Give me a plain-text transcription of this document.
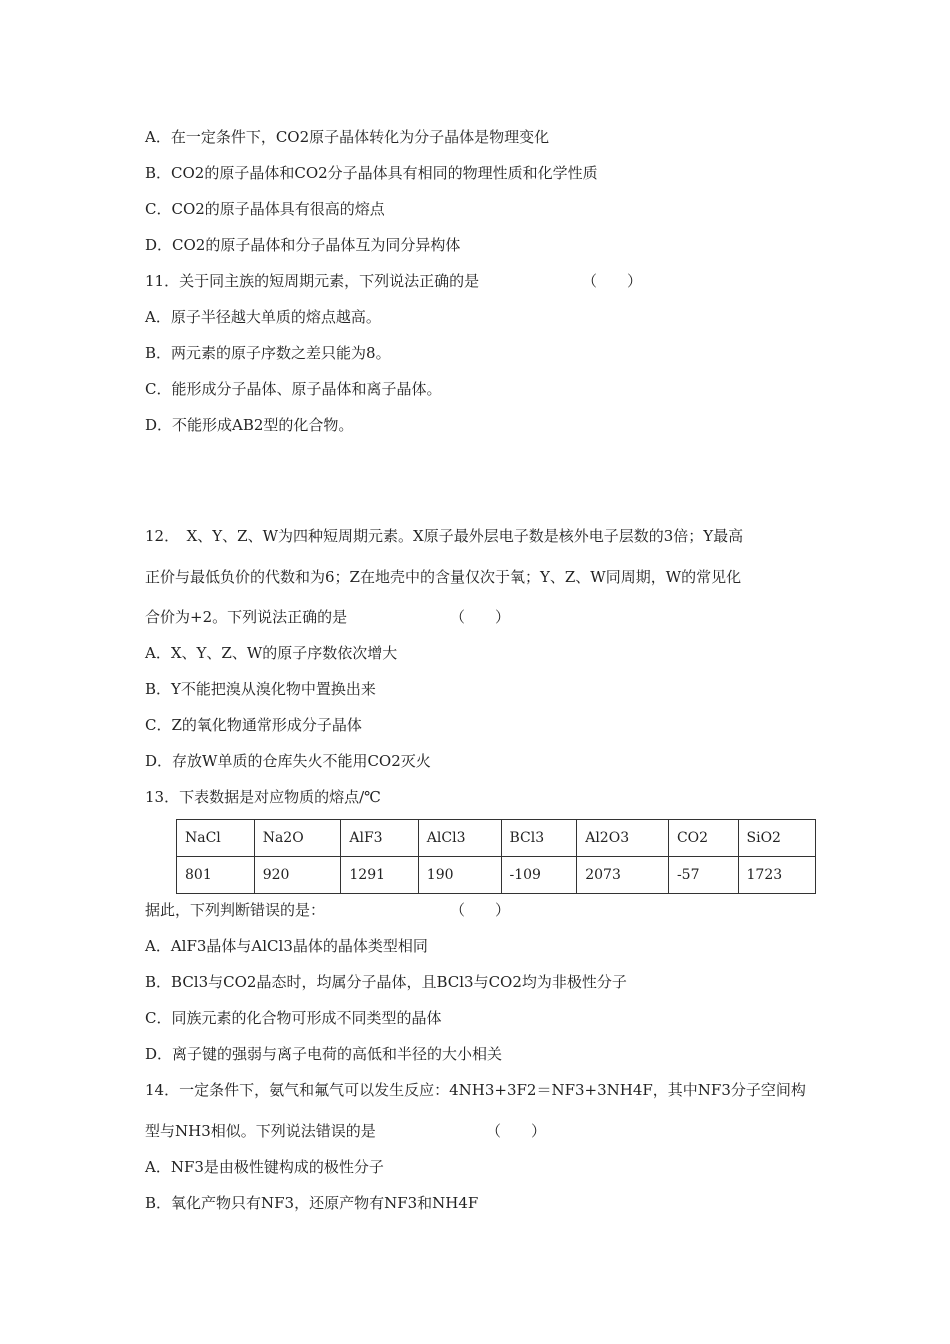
A．在一定条件下，CO2原子晶体转化为分子晶体是物理变化
B．CO2的原子晶体和CO2分子晶体具有相同的物理性质和化学性质
C．CO2的原子晶体具有很高的熔点
D．CO2的原子晶体和分子晶体互为同分异构体
11．关于同主族的短周期元素，下列说法正确的是	（　　）
A．原子半径越大单质的熔点越高。
B．两元素的原子序数之差只能为8。
C．能形成分子晶体、原子晶体和离子晶体。
D．不能形成AB2型的化合物。
12．　X、Y、Z、W为四种短周期元素。X原子最外层电子数是核外电子层数的3倍；Y最高
正价与最低负价的代数和为6；Z在地壳中的含量仅次于氧；Y、Z、W同周期，W的常见化
合价为+2。下列说法正确的是	（　　）
A．X、Y、Z、W的原子序数依次增大
B．Y不能把溴从溴化物中置换出来
C．Z的氧化物通常形成分子晶体
D．存放W单质的仓库失火不能用CO2灭火
13．下表数据是对应物质的熔点/℃
NaCl	Na2O	AlF3	AlCl3	BCl3	Al2O3	CO2	SiO2
801	920	1291	190	-109	2073	-57	1723
据此，下列判断错误的是：	（　　）
A．AlF3晶体与AlCl3晶体的晶体类型相同
B．BCl3与CO2晶态时，均属分子晶体，且BCl3与CO2均为非极性分子
C．同族元素的化合物可形成不同类型的晶体
D．离子键的强弱与离子电荷的高低和半径的大小相关
14．一定条件下，氨气和氟气可以发生反应：4NH3+3F2＝NF3+3NH4F，其中NF3分子空间构
型与NH3相似。下列说法错误的是	（　　）
A．NF3是由极性键构成的极性分子
B．氧化产物只有NF3，还原产物有NF3和NH4F
